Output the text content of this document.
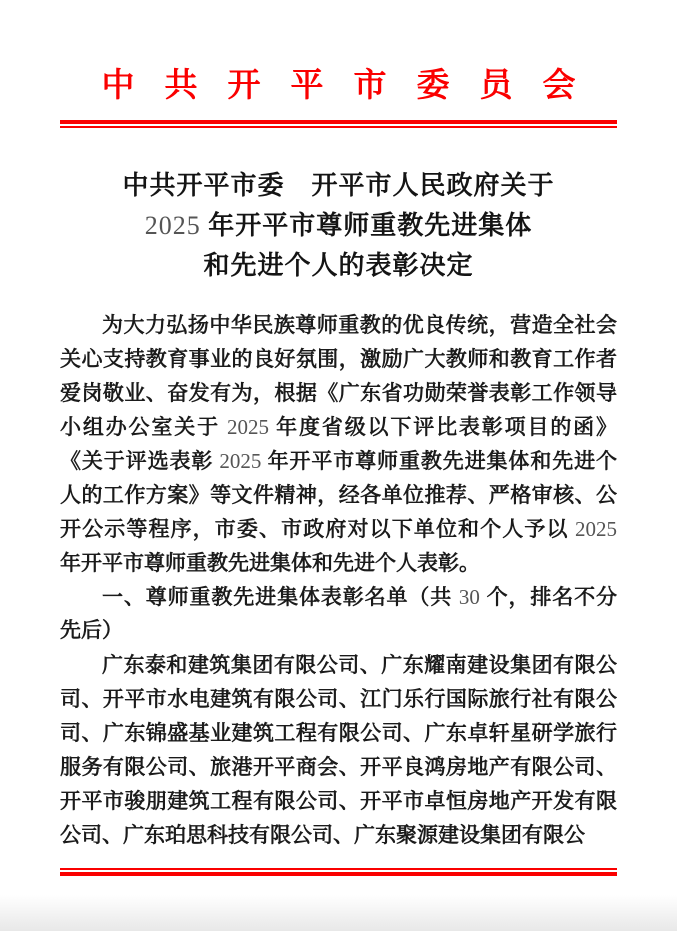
中共开平市委员会
中共开平市委　开平市人民政府关于
2025 年开平市尊师重教先进集体
和先进个人的表彰决定
为大力弘扬中华民族尊师重教的优良传统，营造全社会
关心支持教育事业的良好氛围，激励广大教师和教育工作者
爱岗敬业、奋发有为，根据《广东省功勋荣誉表彰工作领导
小组办公室关于 2025 年度省级以下评比表彰项目的函》
《关于评选表彰 2025 年开平市尊师重教先进集体和先进个
人的工作方案》等文件精神，经各单位推荐、严格审核、公
开公示等程序，市委、市政府对以下单位和个人予以 2025
年开平市尊师重教先进集体和先进个人表彰。
一、尊师重教先进集体表彰名单（共 30 个，排名不分
先后）
广东泰和建筑集团有限公司、广东耀南建设集团有限公
司、开平市水电建筑有限公司、江门乐行国际旅行社有限公
司、广东锦盛基业建筑工程有限公司、广东卓轩星研学旅行
服务有限公司、旅港开平商会、开平良鸿房地产有限公司、
开平市骏朋建筑工程有限公司、开平市卓恒房地产开发有限
公司、广东珀思科技有限公司、广东聚源建设集团有限公
